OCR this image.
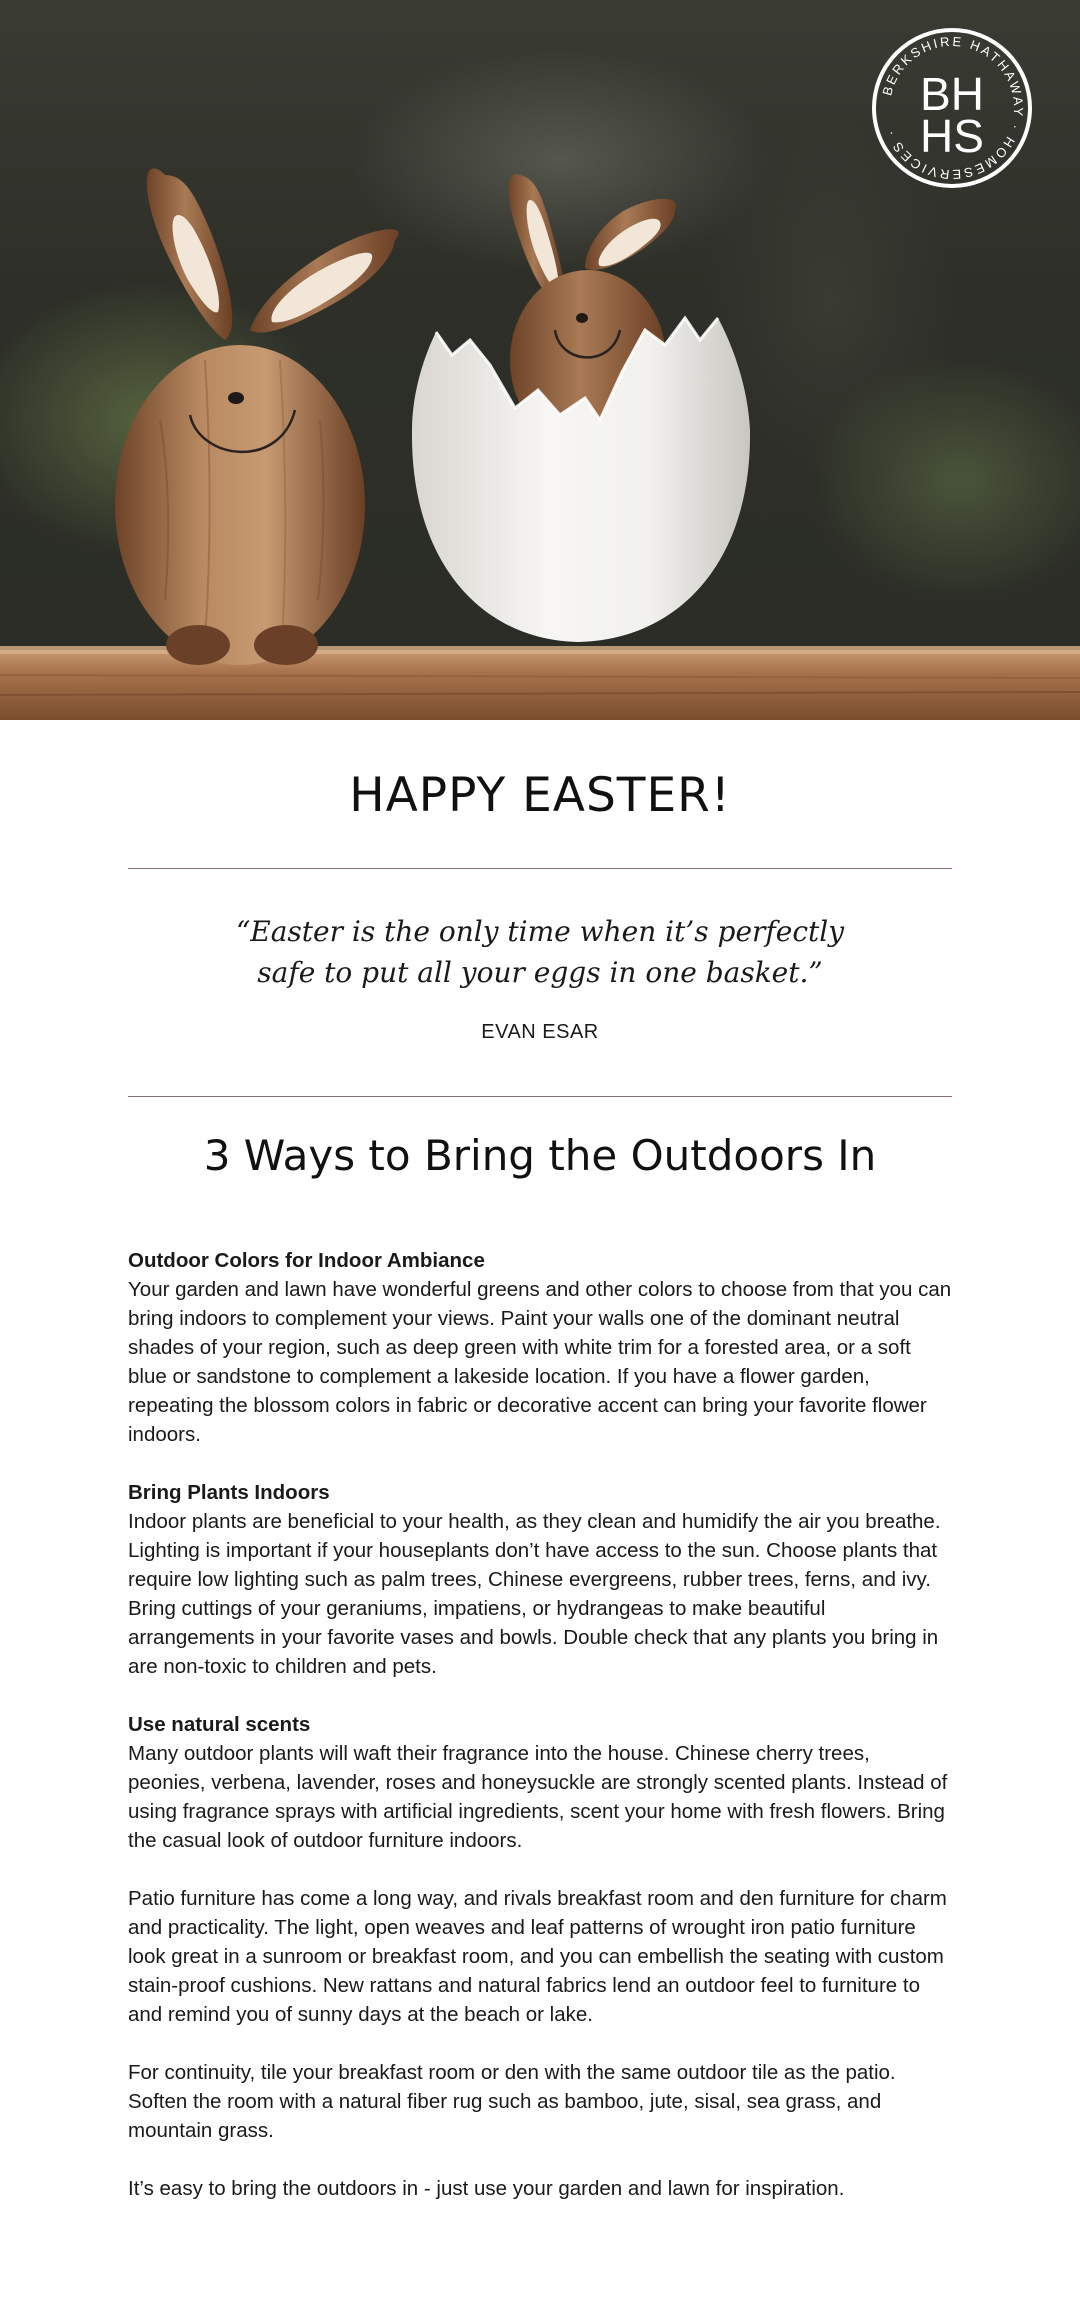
BERKSHIRE HATHAWAY · HOMESERVICES ·
BH
HS
HAPPY EASTER!
“Easter is the only time when it’s perfectly safe to put all your eggs in one basket.”
EVAN ESAR
3 Ways to Bring the Outdoors In
Outdoor Colors for Indoor Ambiance
Your garden and lawn have wonderful greens and other colors to choose from that you can bring indoors to complement your views. Paint your walls one of the dominant neutral shades of your region, such as deep green with white trim for a forested area, or a soft blue or sandstone to complement a lakeside location. If you have a flower garden, repeating the blossom colors in fabric or decorative accent can bring your favorite flower indoors.
Bring Plants Indoors
Indoor plants are beneficial to your health, as they clean and humidify the air you breathe. Lighting is important if your houseplants don’t have access to the sun. Choose plants that require low lighting such as palm trees, Chinese evergreens, rubber trees, ferns, and ivy. Bring cuttings of your geraniums, impatiens, or hydrangeas to make beautiful arrangements in your favorite vases and bowls. Double check that any plants you bring in are non-toxic to children and pets.
Use natural scents
Many outdoor plants will waft their fragrance into the house. Chinese cherry trees, peonies, verbena, lavender, roses and honeysuckle are strongly scented plants. Instead of using fragrance sprays with artificial ingredients, scent your home with fresh flowers. Bring the casual look of outdoor furniture indoors.

Patio furniture has come a long way, and rivals breakfast room and den furniture for charm and practicality. The light, open weaves and leaf patterns of wrought iron patio furniture look great in a sunroom or breakfast room, and you can embellish the seating with custom stain-proof cushions. New rattans and natural fabrics lend an outdoor feel to furniture to and remind you of sunny days at the beach or lake.

For continuity, tile your breakfast room or den with the same outdoor tile as the patio. Soften the room with a natural fiber rug such as bamboo, jute, sisal, sea grass, and mountain grass.

It’s easy to bring the outdoors in - just use your garden and lawn for inspiration.
